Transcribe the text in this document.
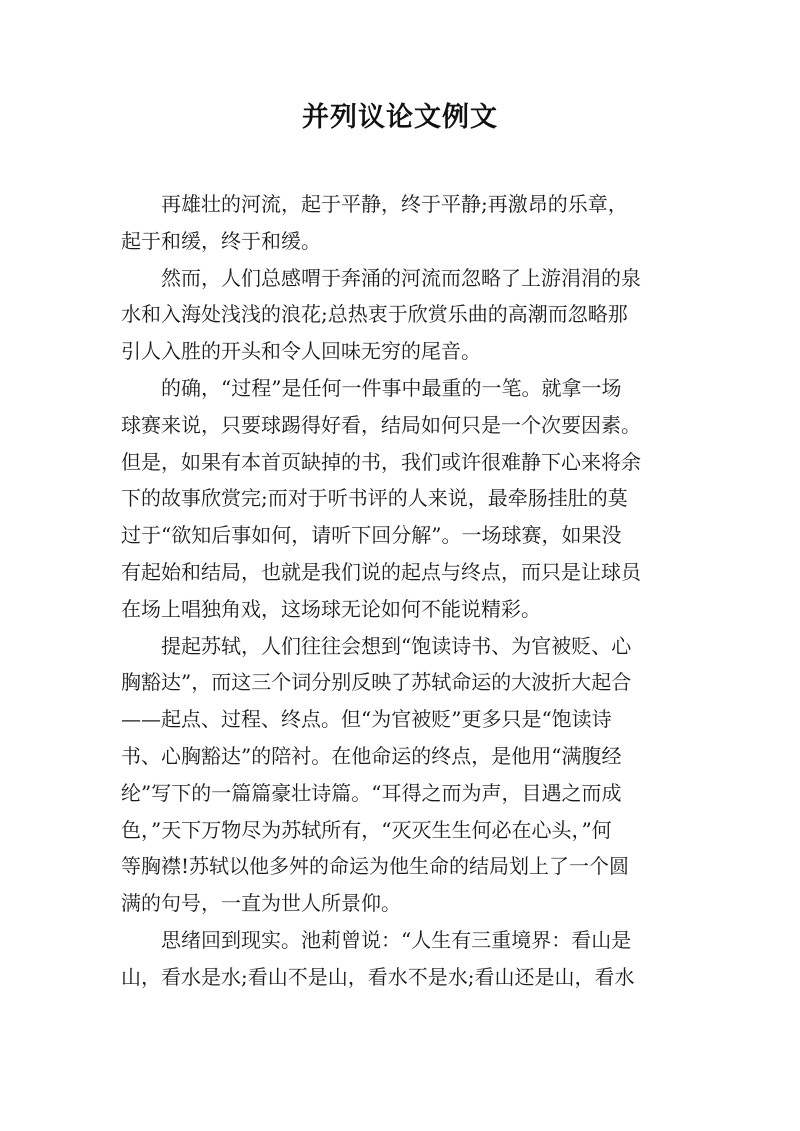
并列议论文例文

再雄壮的河流，起于平静，终于平静;再激昂的乐章，
起于和缓，终于和缓。

然而，人们总感喟于奔涌的河流而忽略了上游涓涓的泉
水和入海处浅浅的浪花;总热衷于欣赏乐曲的高潮而忽略那
引人入胜的开头和令人回味无穷的尾音。

的确，“过程”是任何一件事中最重的一笔。就拿一场
球赛来说，只要球踢得好看，结局如何只是一个次要因素。
但是，如果有本首页缺掉的书，我们或许很难静下心来将余
下的故事欣赏完;而对于听书评的人来说，最牵肠挂肚的莫
过于“欲知后事如何，请听下回分解”。一场球赛，如果没
有起始和结局，也就是我们说的起点与终点，而只是让球员
在场上唱独角戏，这场球无论如何不能说精彩。

提起苏轼，人们往往会想到“饱读诗书、为官被贬、心
胸豁达”，而这三个词分别反映了苏轼命运的大波折大起合
——起点、过程、终点。但“为官被贬”更多只是“饱读诗
书、心胸豁达”的陪衬。在他命运的终点，是他用“满腹经
纶”写下的一篇篇豪壮诗篇。“耳得之而为声，目遇之而成
色，”天下万物尽为苏轼所有，“灭灭生生何必在心头，”何
等胸襟!苏轼以他多舛的命运为他生命的结局划上了一个圆
满的句号，一直为世人所景仰。

思绪回到现实。池莉曾说：“人生有三重境界：看山是
山，看水是水;看山不是山，看水不是水;看山还是山，看水
